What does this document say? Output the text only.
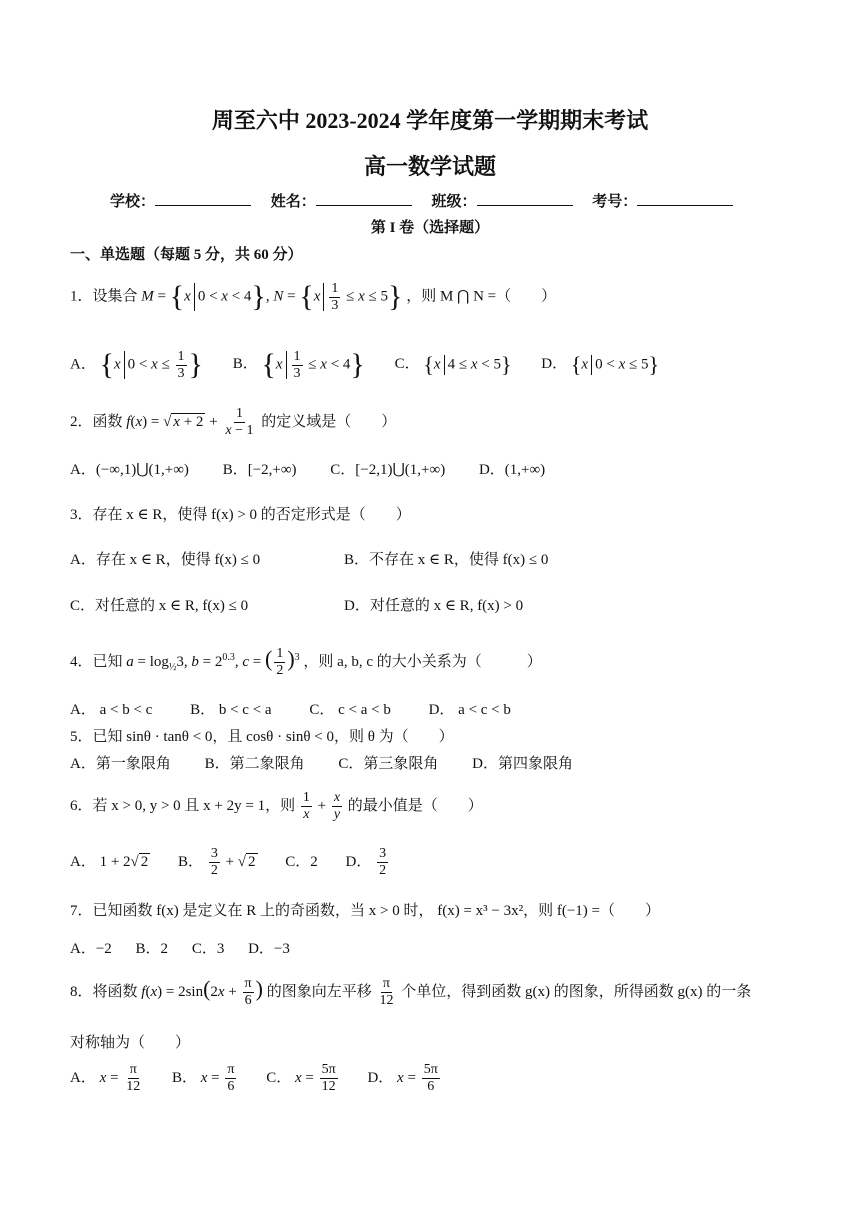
周至六中 2023-2024 学年度第一学期期末考试
高一数学试题
学校：	姓名：	班级：	考号：
第 I 卷（选择题）
一、单选题（每题 5 分，共 60 分）
1．设集合 M = {x 0 < x < 4}, $N = \{x \frac{1}{3} \le x \le 5\}$ ，则 M ⋂ N =（　　）
A． {x $0 < x \le \frac{1}{3}$ } B． $\{x \frac{1}{3} \le x < 4\}$ C． {x 4 ≤ x < 5} D． {x 0 < x ≤ 5}
2．函数 f(x) = √ $x + 2 + \frac{1}{x - 1}$ 的定义域是（　　）
A．(−∞,1)⋃(1,+∞) B．[−2,+∞) C．[−2,1)⋃(1,+∞) D．(1,+∞)
3．存在 x ∈ R，使得 f(x) > 0 的否定形式是（　　）
A．存在 x ∈ R，使得 f(x) ≤ 0	B．不存在 x ∈ R，使得 f(x) ≤ 0
C．对任意的 x ∈ R, f(x) ≤ 0	D．对任意的 x ∈ R, f(x) > 0
4．已知 $a = \log_{\frac{1}{2}}3$, $b = 2^{0.3}$, c = ( $\frac{1}{2} )^3$ ，则 a, b, c 的大小关系为（　　　）
A． a < b < c	B． b < c < a	C． c < a < b	D． a < c < b
5．已知 sinθ · tanθ < 0，且 cosθ · sinθ < 0，则 θ 为（　　）
A．第一象限角 B．第二象限角 C．第三象限角 D．第四象限角
6．若 x > 0, y > 0 且 x + 2y = 1，则 $\frac{1}{x} + \frac{x}{y}$ 的最小值是（　　）
A． 1 + 2√ 2 B． $\frac{3}{2}$ + √ 2 C．2 D． $\frac{3}{2}$
7．已知函数 f(x) 是定义在 R 上的奇函数，当 x > 0 时， f(x) = x³ − 3x²，则 f(−1) =（　　）
A．−2 B．2 C．3 D．−3
8．将函数 $f(x) = 2\sin(2x + \frac{\pi}{6}$ ) 的图象向左平移 $\frac{\pi}{12}$ 个单位，得到函数 g(x) 的图象，所得函数 g(x) 的一条
对称轴为（　　）
A． $x = \frac{\pi}{12}$ B． $x = \frac{\pi}{6}$ C． $x = \frac{5\pi}{12}$ D． $x = \frac{5\pi}{6}$
